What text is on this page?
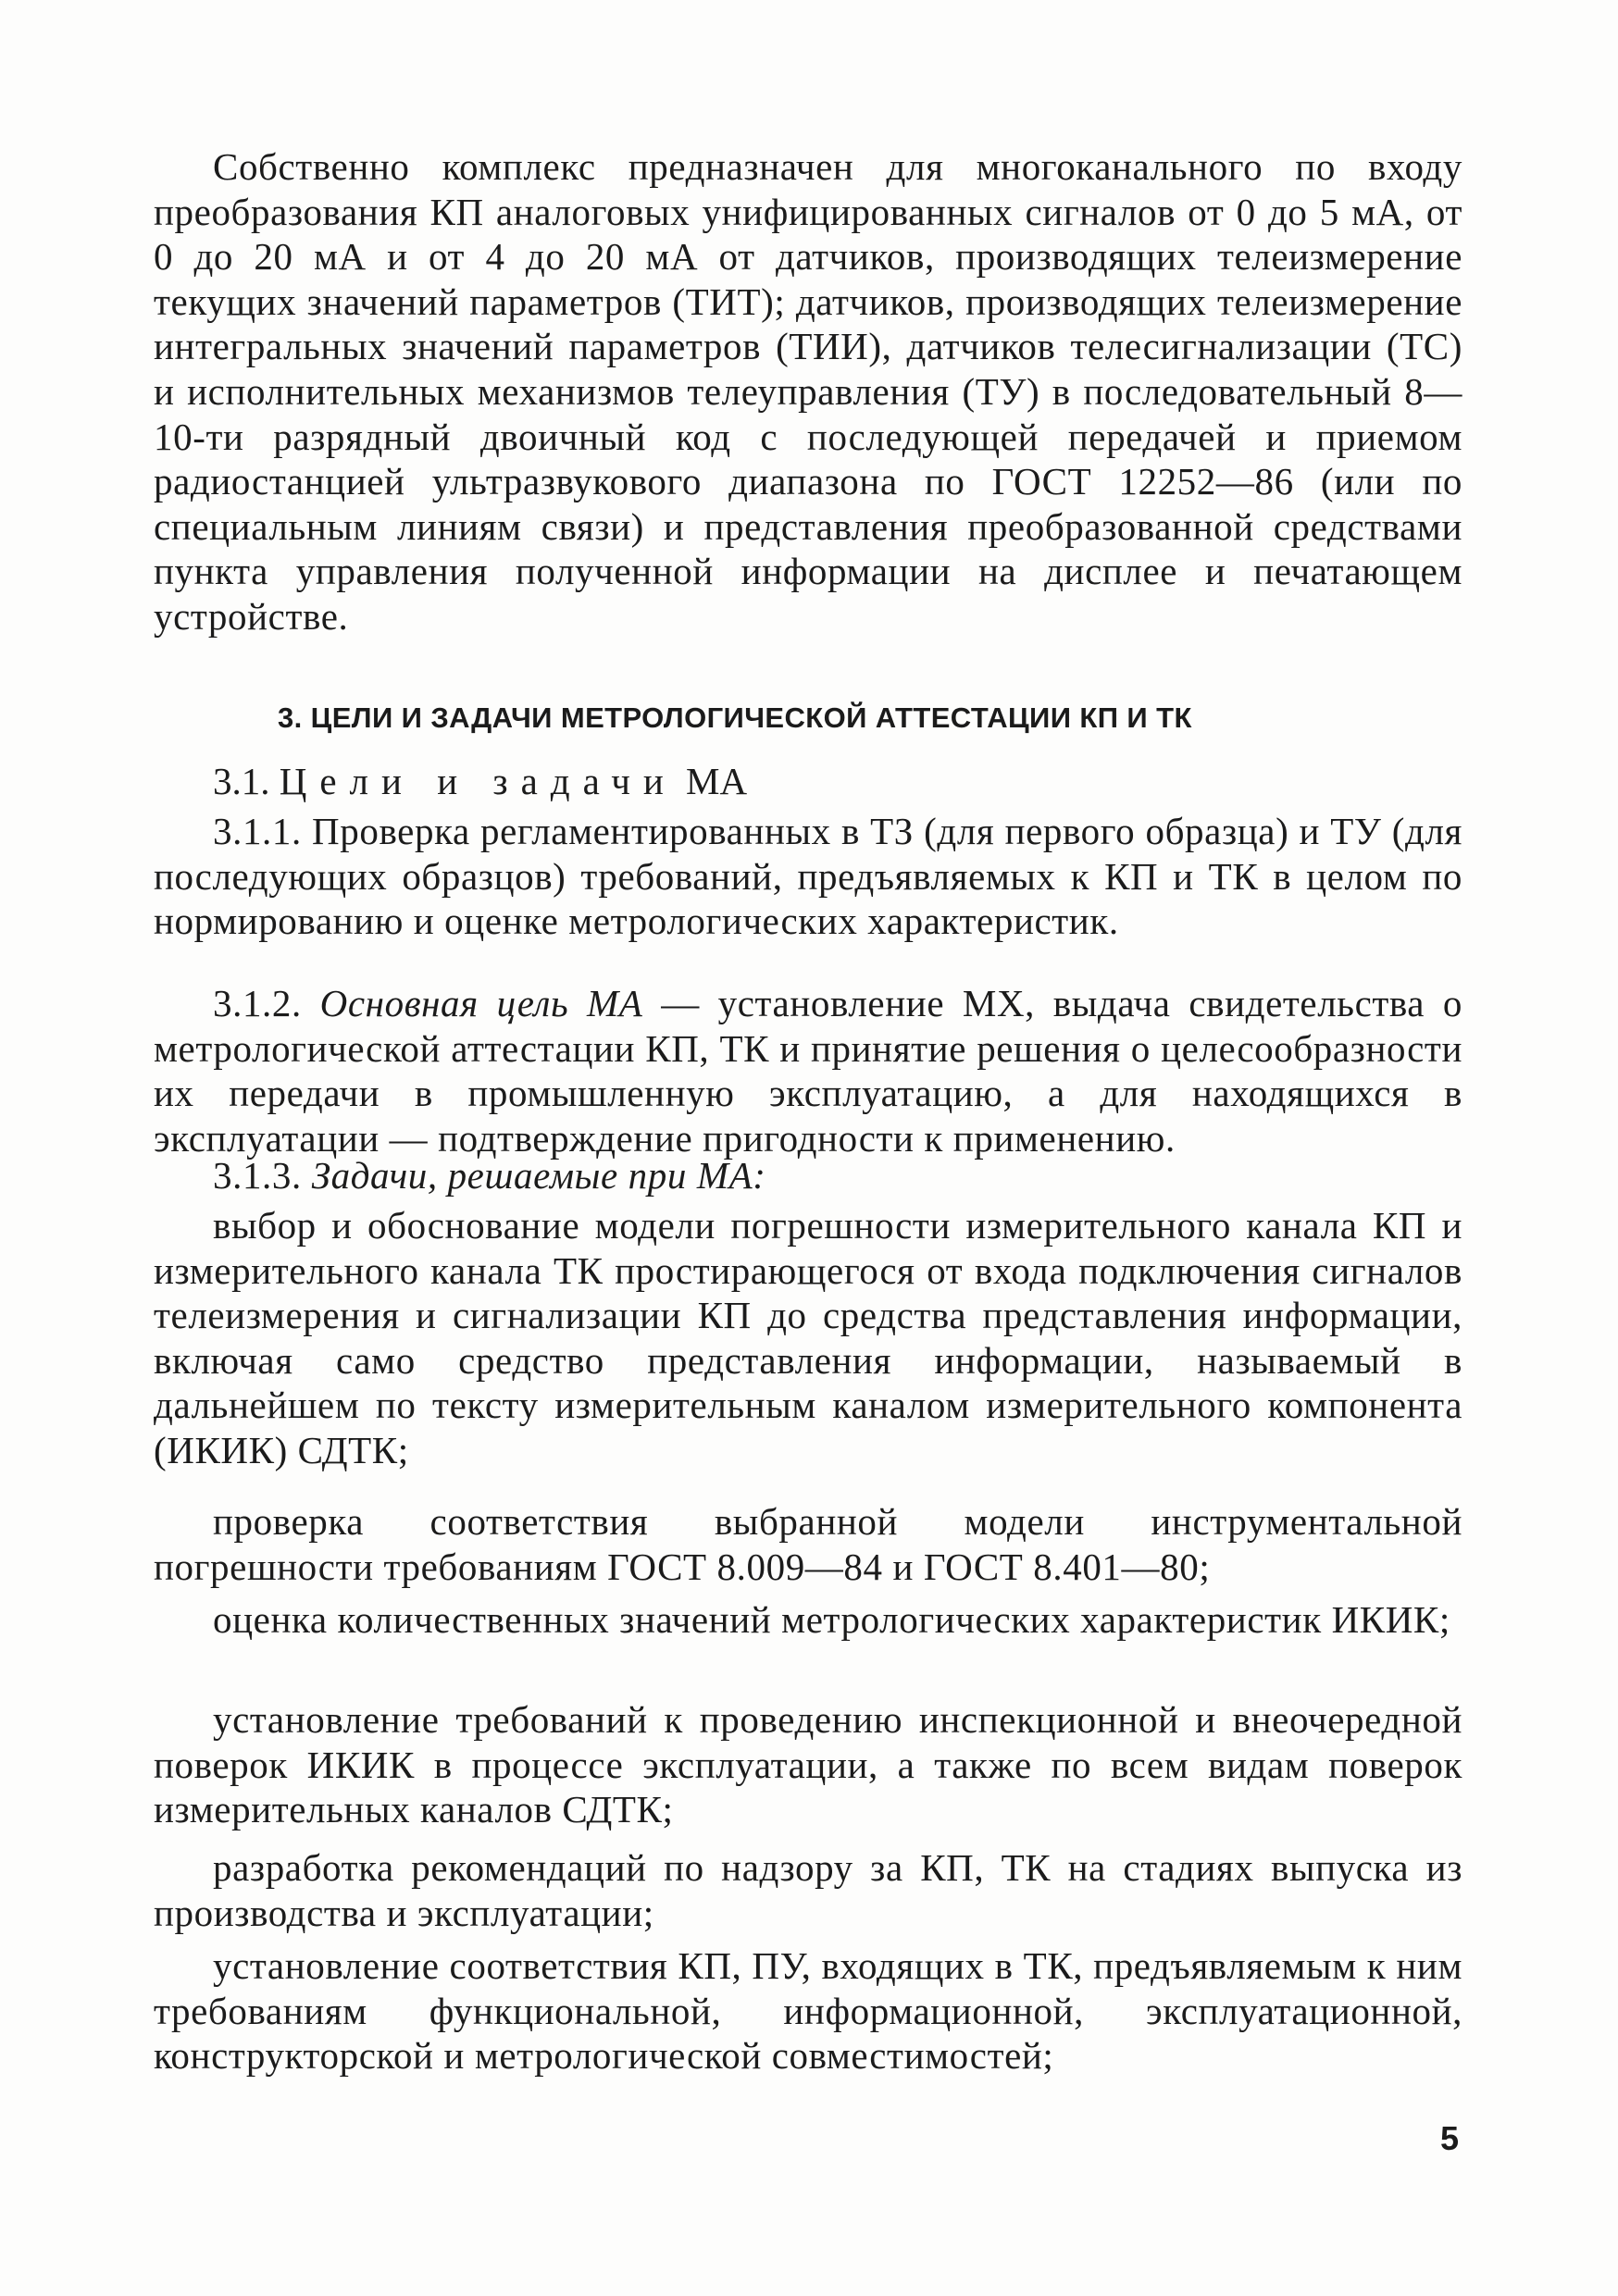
Собственно комплекс предназначен для многоканального по входу преобразования КП аналоговых унифицированных сигналов от 0 до 5 мА, от 0 до 20 мА и от 4 до 20 мА от датчиков, производящих телеизмерение текущих значений параметров (ТИТ); датчиков, производящих телеизмерение интегральных значений параметров (ТИИ), датчиков телесигнализации (ТС) и исполнительных механизмов телеуправления (ТУ) в последовательный 8—10-ти разрядный двоичный код с последующей передачей и приемом радиостанцией ультразвукового диапазона по ГОСТ 12252—86 (или по специальным линиям связи) и представления преобразованной средствами пункта управления полученной информации на дисплее и печатающем устройстве.

3. ЦЕЛИ И ЗАДАЧИ МЕТРОЛОГИЧЕСКОЙ АТТЕСТАЦИИ КП И ТК
3.1. Цели и задачи МА

3.1.1. Проверка регламентированных в ТЗ (для первого образца) и ТУ (для последующих образцов) требований, предъявляемых к КП и ТК в целом по нормированию и оценке метрологических характеристик.

3.1.2. Основная цель МА — установление МХ, выдача свидетельства о метрологической аттестации КП, ТК и принятие решения о целесообразности их передачи в промышленную эксплуатацию, а для находящихся в эксплуатации — подтверждение пригодности к применению.

3.1.3. Задачи, решаемые при МА:

выбор и обоснование модели погрешности измерительного канала КП и измерительного канала ТК простирающегося от входа подключения сигналов телеизмерения и сигнализации КП до средства представления информации, включая само средство представления информации, называемый в дальнейшем по тексту измерительным каналом измерительного компонента (ИКИК) СДТК;

проверка соответствия выбранной модели инструментальной погрешности требованиям ГОСТ 8.009—84 и ГОСТ 8.401—80;

оценка количественных значений метрологических характеристик ИКИК;

установление требований к проведению инспекционной и внеочередной поверок ИКИК в процессе эксплуатации, а также по всем видам поверок измерительных каналов СДТК;

разработка рекомендаций по надзору за КП, ТК на стадиях выпуска из производства и эксплуатации;

установление соответствия КП, ПУ, входящих в ТК, предъявляемым к ним требованиям функциональной, информационной, эксплуатационной, конструкторской и метрологической совместимостей;

5
